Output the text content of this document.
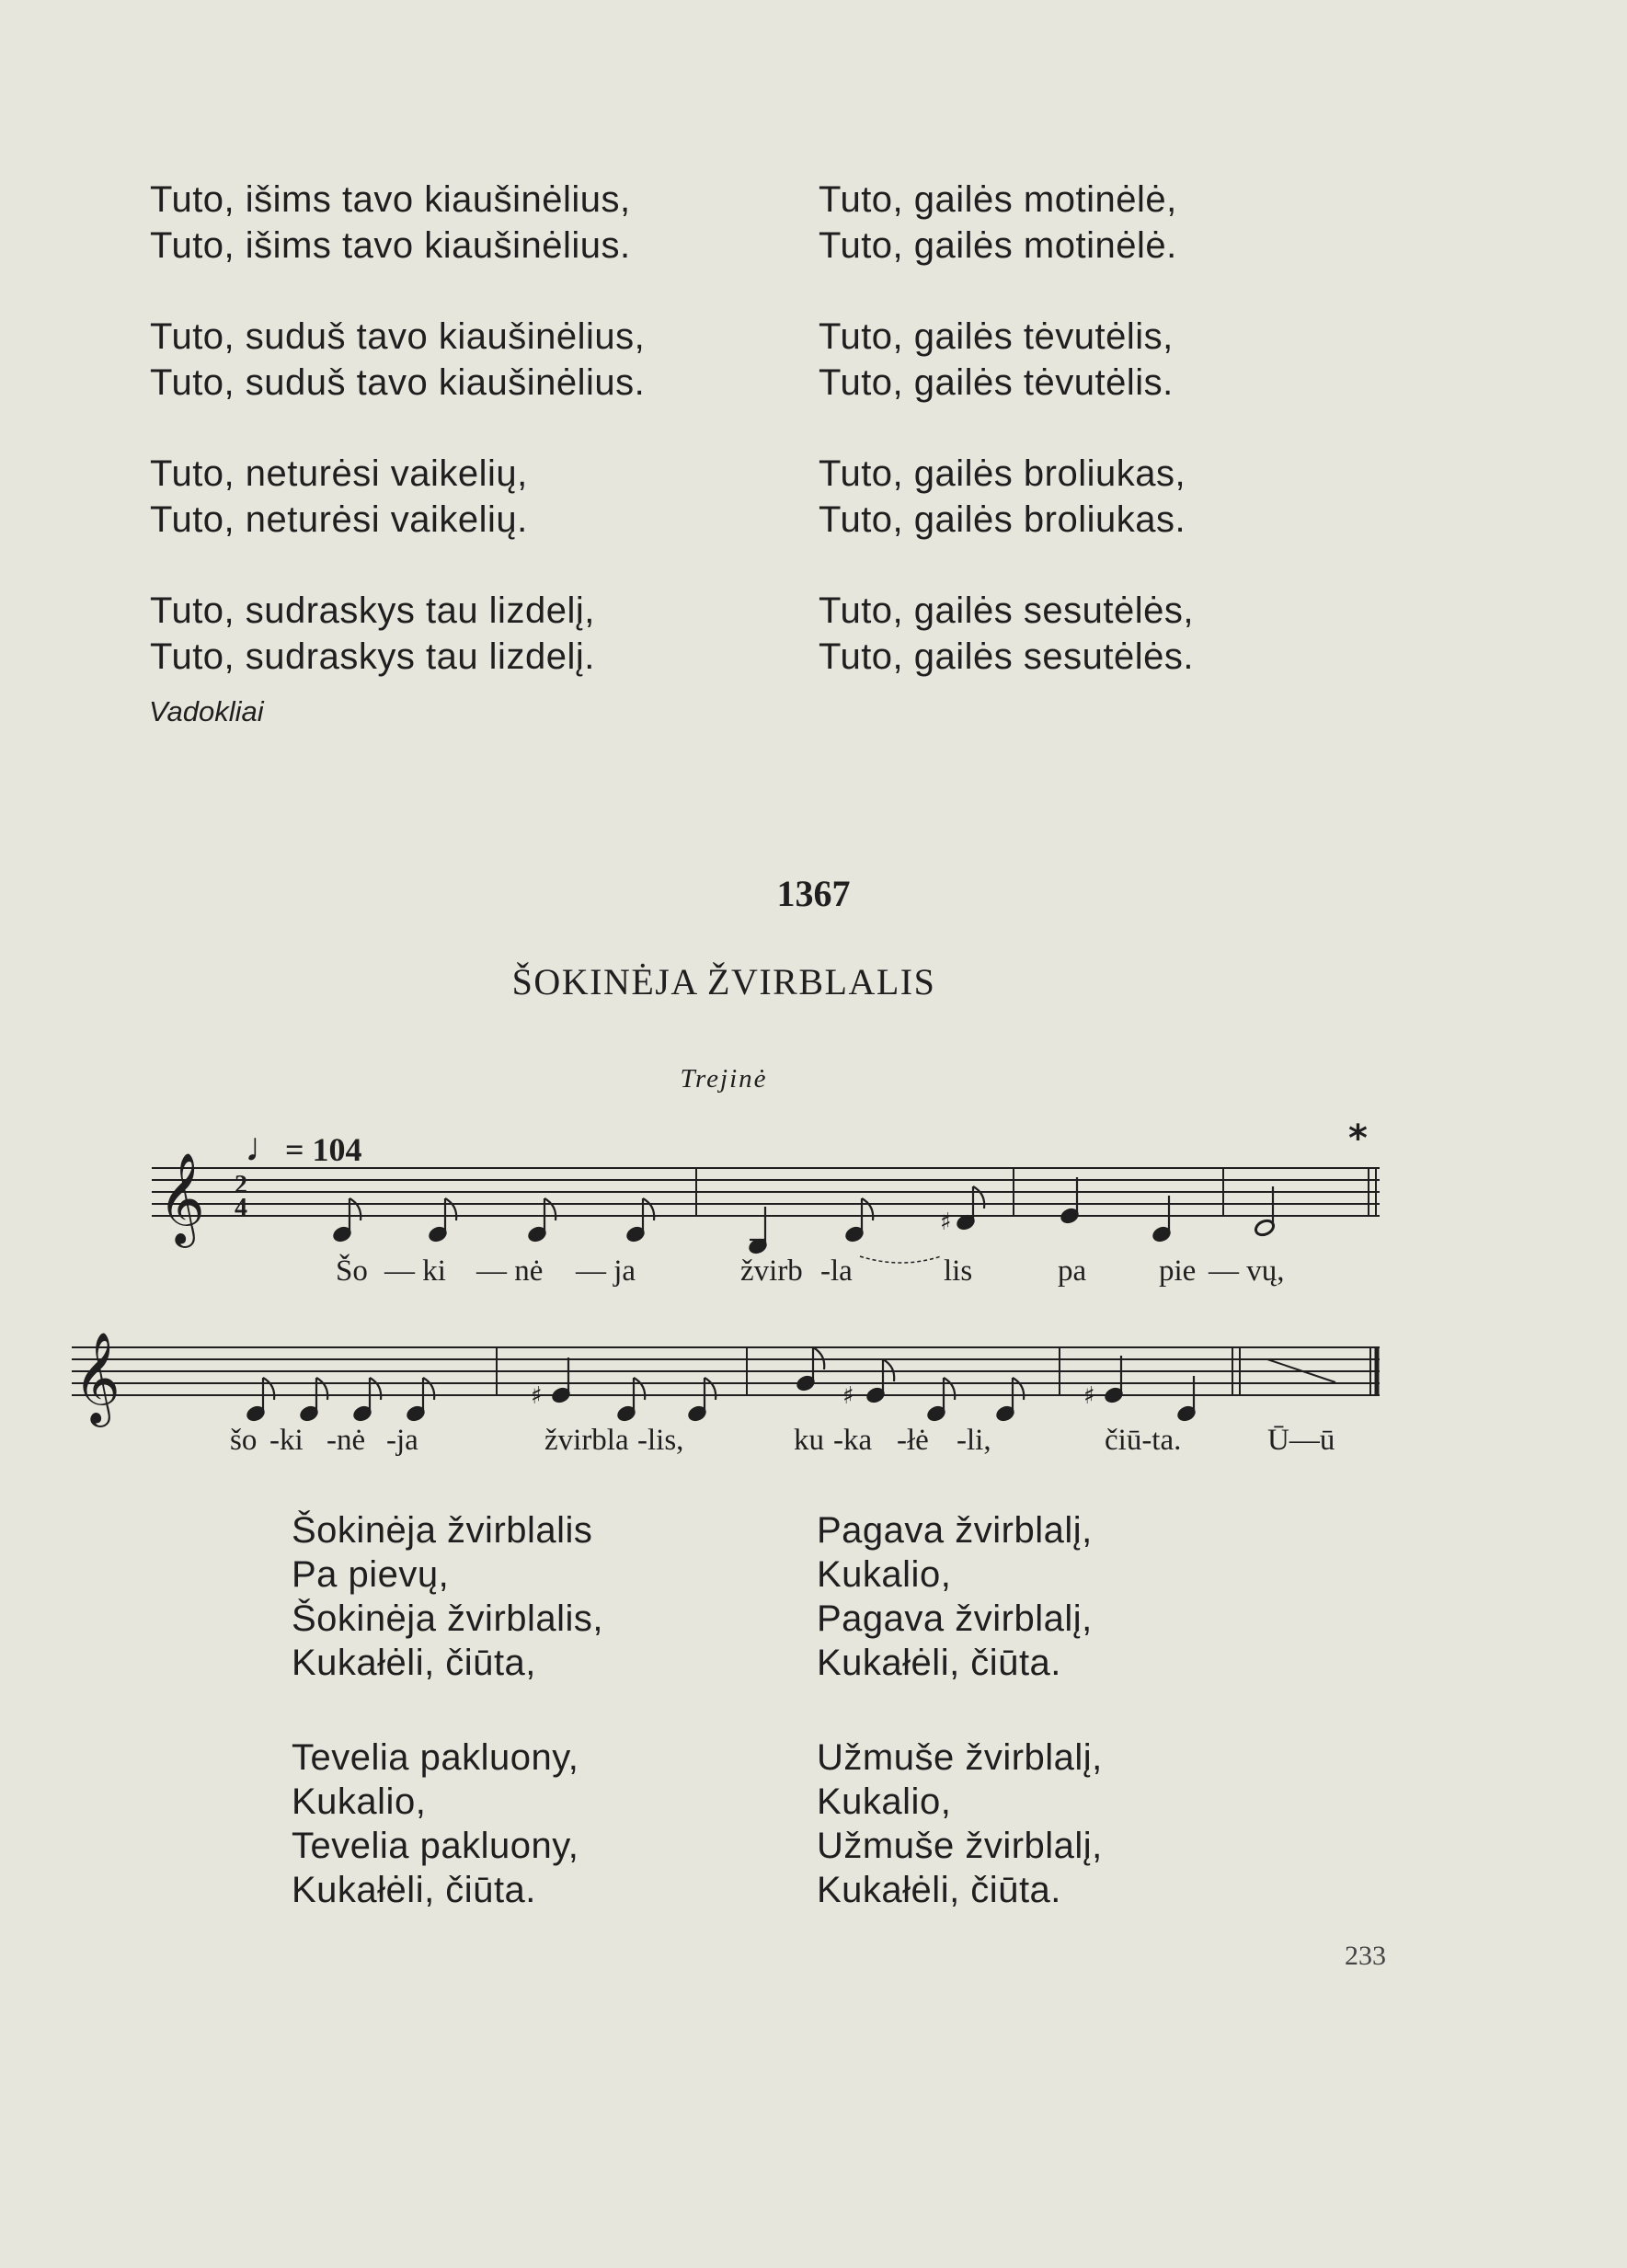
Tuto, išims tavo kiaušinėlius,
Tuto, išims tavo kiaušinėlius.
Tuto, suduš tavo kiaušinėlius,
Tuto, suduš tavo kiaušinėlius.
Tuto, neturėsi vaikelių,
Tuto, neturėsi vaikelių.
Tuto, sudraskys tau lizdelį,
Tuto, sudraskys tau lizdelį.
Tuto, gailės motinėlė,
Tuto, gailės motinėlė.
Tuto, gailės tėvutėlis,
Tuto, gailės tėvutėlis.
Tuto, gailės broliukas,
Tuto, gailės broliukas.
Tuto, gailės sesutėlės,
Tuto, gailės sesutėlės.
Vadokliai
1367
ŠOKINĖJA ŽVIRBLALIS
Trejinė
♩= 104	*
𝄞 2
4
𝄞
♯
♯	♯	♯
Šo — ki — nė — ja	žvirb -la	lis	pa pie — vų,
šo -ki -nė -ja	žvirbla -lis,	ku -ka -łė -li,	čiū-ta.	Ū—ū
Šokinėja žvirblalis
Pa pievų,
Šokinėja žvirblalis,
Kukałėli, čiūta,
Tevelia pakluony,
Kukalio,
Tevelia pakluony,
Kukałėli, čiūta.
Pagava žvirblalį,
Kukalio,
Pagava žvirblalį,
Kukałėli, čiūta.
Užmuše žvirblalį,
Kukalio,
Užmuše žvirblalį,
Kukałėli, čiūta.
233
